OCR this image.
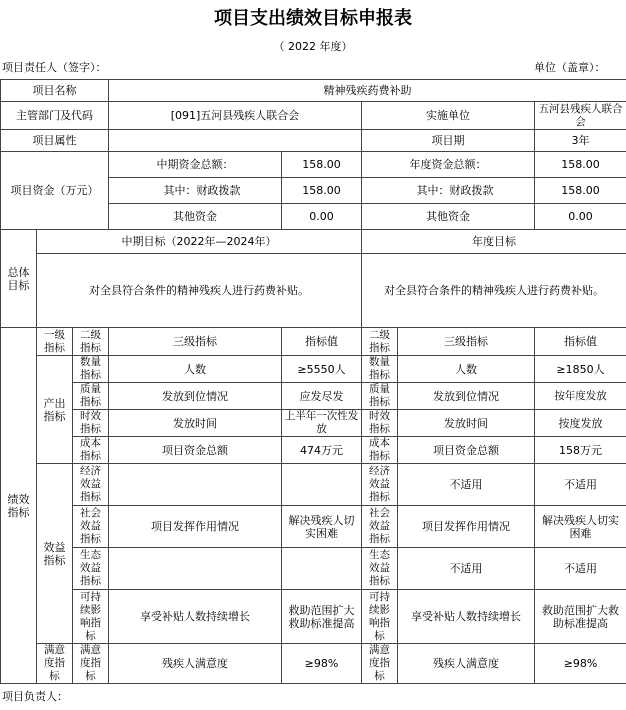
项目支出绩效目标申报表
（ 2022 年度）
项目责任人（签字）：	单位（盖章）：
项目名称			精神残疾药费补助				
主管部门及代码			[091]五河县残疾人联合会		实施单位		五河县残疾人联合会
项目属性					项目期		3年
项目资金（万元）			中期资金总额：	158.00	年度资金总额：		158.00
			其中：财政拨款	158.00	其中：财政拨款		158.00
			其他资金	0.00	其他资金		0.00
总体目标	中期目标（2022年—2024年）				年度目标		
	对全县符合条件的精神残疾人进行药费补贴。				对全县符合条件的精神残疾人进行药费补贴。		
绩效指标	一级指标	二级指标	三级指标	指标值	二级指标	三级指标	指标值
	产出指标	数量指标	人数	≥5550人	数量指标	人数	≥1850人
		质量指标	发放到位情况	应发尽发	质量指标	发放到位情况	按年度发放
		时效指标	发放时间	上半年一次性发放	时效指标	发放时间	按度发放
		成本指标	项目资金总额	474万元	成本指标	项目资金总额	158万元
	效益指标	经济效益指标			经济效益指标	不适用	不适用
		社会效益指标	项目发挥作用情况	解决残疾人切实困难	社会效益指标	项目发挥作用情况	解决残疾人切实困难
		生态效益指标			生态效益指标	不适用	不适用
		可持续影响指标	享受补贴人数持续增长	救助范围扩大救助标准提高	可持续影响指标	享受补贴人数持续增长	救助范围扩大救助标准提高
	满意度指标	满意度指标	残疾人满意度	≥98%	满意度指标	残疾人满意度	≥98%
项目负责人：
